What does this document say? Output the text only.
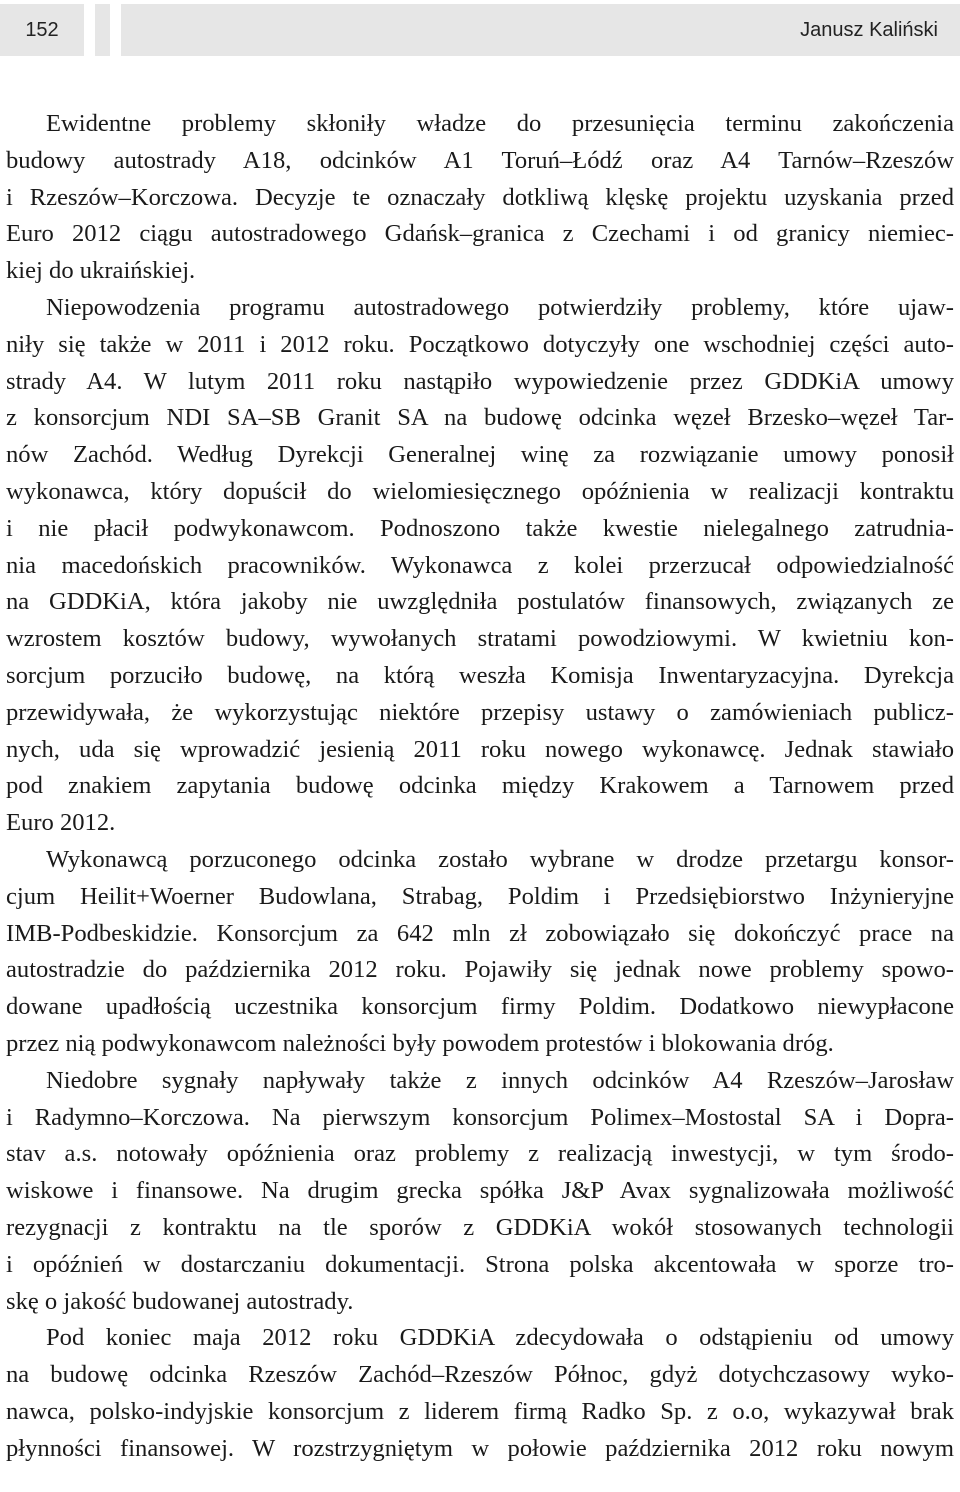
152	Janusz Kaliński
Ewidentne problemy skłoniły władze do przesunięcia terminu zakończenia
budowy autostrady A18, odcinków A1 Toruń–Łódź oraz A4 Tarnów–Rzeszów
i Rzeszów–Korczowa. Decyzje te oznaczały dotkliwą klęskę projektu uzyskania przed
Euro 2012 ciągu autostradowego Gdańsk–granica z Czechami i od granicy niemiec-
kiej do ukraińskiej.
Niepowodzenia programu autostradowego potwierdziły problemy, które ujaw-
niły się także w 2011 i 2012 roku. Początkowo dotyczyły one wschodniej części auto-
strady A4. W lutym 2011 roku nastąpiło wypowiedzenie przez GDDKiA umowy
z konsorcjum NDI SA–SB Granit SA na budowę odcinka węzeł Brzesko–węzeł Tar-
nów Zachód. Według Dyrekcji Generalnej winę za rozwiązanie umowy ponosił
wykonawca, który dopuścił do wielomiesięcznego opóźnienia w realizacji kontraktu
i nie płacił podwykonawcom. Podnoszono także kwestie nielegalnego zatrudnia-
nia macedońskich pracowników. Wykonawca z kolei przerzucał odpowiedzialność
na GDDKiA, która jakoby nie uwzględniła postulatów finansowych, związanych ze
wzrostem kosztów budowy, wywołanych stratami powodziowymi. W kwietniu kon-
sorcjum porzuciło budowę, na którą weszła Komisja Inwentaryzacyjna. Dyrekcja
przewidywała, że wykorzystując niektóre przepisy ustawy o zamówieniach publicz-
nych, uda się wprowadzić jesienią 2011 roku nowego wykonawcę. Jednak stawiało
pod znakiem zapytania budowę odcinka między Krakowem a Tarnowem przed
Euro 2012.
Wykonawcą porzuconego odcinka zostało wybrane w drodze przetargu konsor-
cjum Heilit+Woerner Budowlana, Strabag, Poldim i Przedsiębiorstwo Inżynieryjne
IMB-Podbeskidzie. Konsorcjum za 642 mln zł zobowiązało się dokończyć prace na
autostradzie do października 2012 roku. Pojawiły się jednak nowe problemy spowo-
dowane upadłością uczestnika konsorcjum firmy Poldim. Dodatkowo niewypłacone
przez nią podwykonawcom należności były powodem protestów i blokowania dróg.
Niedobre sygnały napływały także z innych odcinków A4 Rzeszów–Jarosław
i Radymno–Korczowa. Na pierwszym konsorcjum Polimex–Mostostal SA i Dopra-
stav a.s. notowały opóźnienia oraz problemy z realizacją inwestycji, w tym środo-
wiskowe i finansowe. Na drugim grecka spółka J&P Avax sygnalizowała możliwość
rezygnacji z kontraktu na tle sporów z GDDKiA wokół stosowanych technologii
i opóźnień w dostarczaniu dokumentacji. Strona polska akcentowała w sporze tro-
skę o jakość budowanej autostrady.
Pod koniec maja 2012 roku GDDKiA zdecydowała o odstąpieniu od umowy
na budowę odcinka Rzeszów Zachód–Rzeszów Północ, gdyż dotychczasowy wyko-
nawca, polsko-indyjskie konsorcjum z liderem firmą Radko Sp. z o.o, wykazywał brak
płynności finansowej. W rozstrzygniętym w połowie października 2012 roku nowym
